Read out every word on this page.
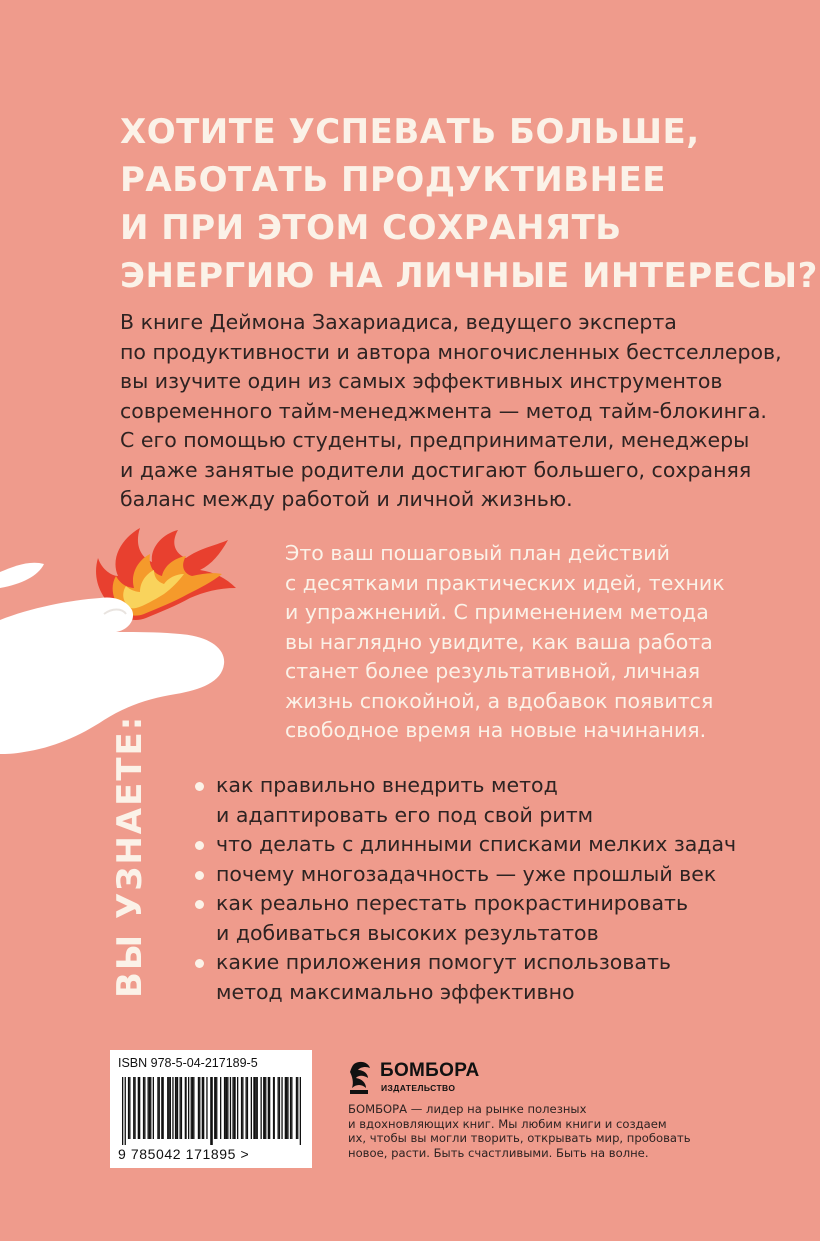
ХОТИТЕ УСПЕВАТЬ БОЛЬШЕ,
РАБОТАТЬ ПРОДУКТИВНЕЕ
И ПРИ ЭТОМ СОХРАНЯТЬ
ЭНЕРГИЮ НА ЛИЧНЫЕ ИНТЕРЕСЫ?
В книге Деймона Захариадиса, ведущего эксперта
по продуктивности и автора многочисленных бестселлеров,
вы изучите один из самых эффективных инструментов
современного тайм-менеджмента — метод тайм-блокинга.
С его помощью студенты, предприниматели, менеджеры
и даже занятые родители достигают большего, сохраняя
баланс между работой и личной жизнью.
Это ваш пошаговый план действий
с десятками практических идей, техник
и упражнений. С применением метода
вы наглядно увидите, как ваша работа
станет более результативной, личная
жизнь спокойной, а вдобавок появится
свободное время на новые начинания.
ВЫ УЗНАЕТЕ:	как правильно внедрить метод
и адаптировать его под свой ритм
что делать с длинными списками мелких задач
почему многозадачность — уже прошлый век
как реально перестать прокрастинировать
и добиваться высоких результатов
какие приложения помогут использовать
метод максимально эффективно
ISBN 978-5-04-217189-5
9 785042 171895 >
БОМБОРА
ИЗДАТЕЛЬСТВО
БОМБОРА — лидер на рынке полезных
и вдохновляющих книг. Мы любим книги и создаем
их, чтобы вы могли творить, открывать мир, пробовать
новое, расти. Быть счастливыми. Быть на волне.
